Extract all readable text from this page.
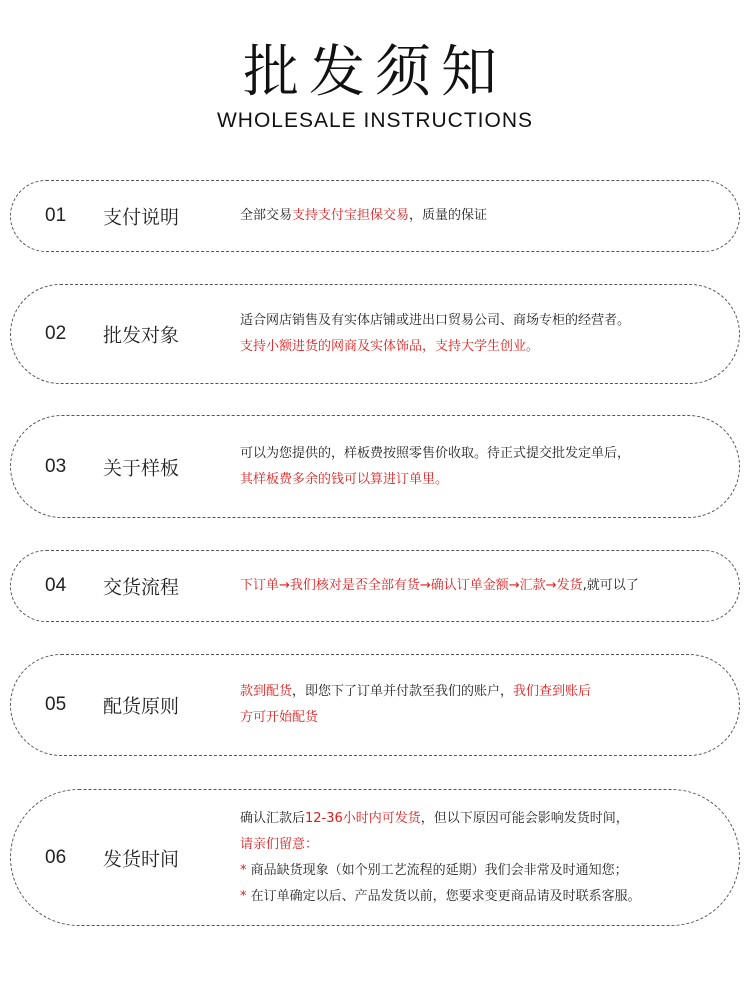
批发须知
WHOLESALE INSTRUCTIONS
01 支付说明	全部交易支持支付宝担保交易，质量的保证
02 批发对象
适合网店销售及有实体店铺或进出口贸易公司、商场专柜的经营者。
支持小额进货的网商及实体饰品，支持大学生创业。
03 关于样板
可以为您提供的，样板费按照零售价收取。待正式提交批发定单后，
其样板费多余的钱可以算进订单里。
04 交货流程	下订单→我们核对是否全部有货→确认订单金额→汇款→发货,就可以了
05 配货原则
款到配货，即您下了订单并付款至我们的账户，我们查到账后
方可开始配货
06 发货时间
确认汇款后12-36小时内可发货，但以下原因可能会影响发货时间，
请亲们留意：
* 商品缺货现象（如个别工艺流程的延期）我们会非常及时通知您；
* 在订单确定以后、产品发货以前，您要求变更商品请及时联系客服。
